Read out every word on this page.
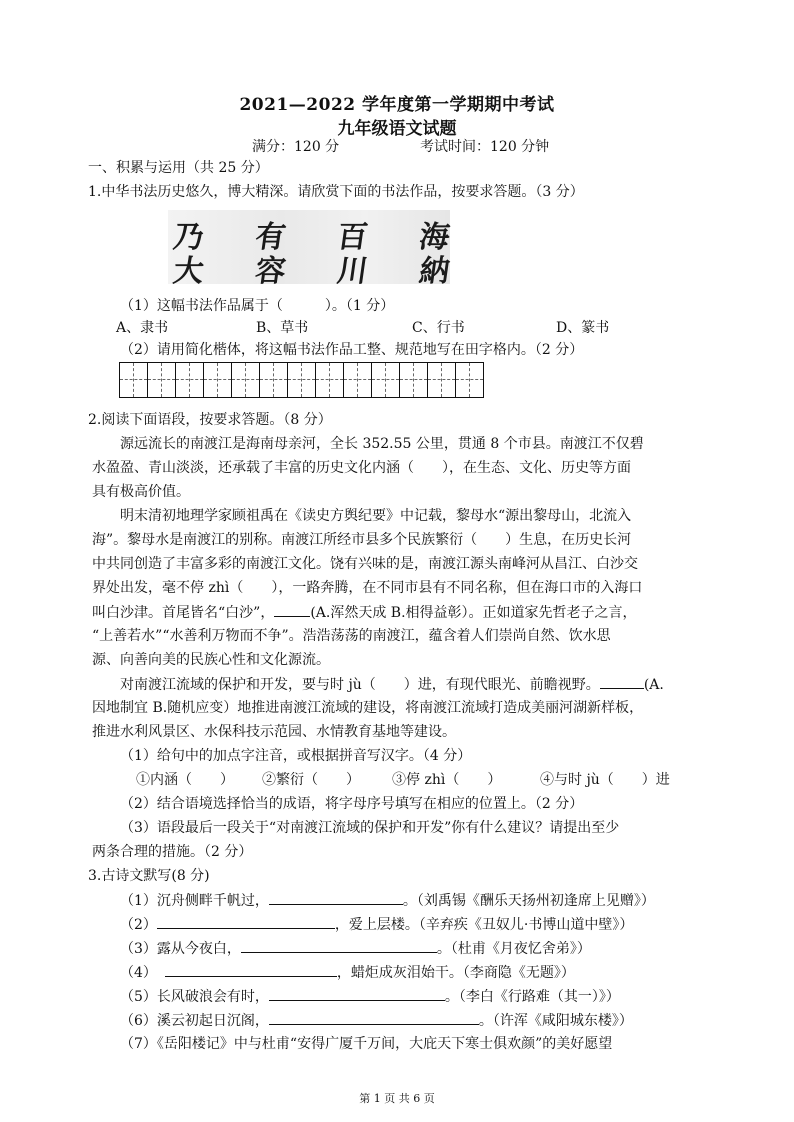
2021—2022 学年度第一学期期中考试
九年级语文试题
满分：120 分	考试时间：120 分钟
一、积累与运用（共 25 分）
1.中华书法历史悠久，博大精深。请欣赏下面的书法作品，按要求答题。（3 分）
乃 有 百 海
大 容 川 納
（1）这幅书法作品属于（　　　）。（1 分）
A、隶书	B、草书	C、行书	D、篆书
（2）请用简化楷体，将这幅书法作品工整、规范地写在田字格内。（2 分）
2.阅读下面语段，按要求答题。（8 分）
源远流长的南渡江是海南母亲河，全长 352.55 公里，贯通 8 个市县。南渡江不仅碧
水盈盈、青山淡淡，还承载了丰富的历史文化内涵（　　），在生态、文化、历史等方面
具有极高价值。
明末清初地理学家顾祖禹在《读史方舆纪要》中记载，黎母水“源出黎母山，北流入
海”。黎母水是南渡江的别称。南渡江所经市县多个民族繁衍（　　）生息，在历史长河
中共同创造了丰富多彩的南渡江文化。饶有兴味的是，南渡江源头南峰河从昌江、白沙交
界处出发，毫不停 zhì（　　），一路奔腾，在不同市县有不同名称，但在海口市的入海口
叫白沙津。首尾皆名“白沙”，	(A.浑然天成 B.相得益彰）。正如道家先哲老子之言，
“上善若水”“水善利万物而不争”。浩浩荡荡的南渡江，蕴含着人们崇尚自然、饮水思
源、向善向美的民族心性和文化源流。
对南渡江流域的保护和开发，要与时 jù（　　）进，有现代眼光、前瞻视野。	(A.
因地制宜 B.随机应变）地推进南渡江流域的建设，将南渡江流域打造成美丽河湖新样板，
推进水利风景区、水保科技示范园、水情教育基地等建设。
（1）给句中的加点字注音，或根据拼音写汉字。（4 分）
①内涵（　　） ②繁衍（　　） ③停 zhì（　　）	④与时 jù（　　）进
（2）结合语境选择恰当的成语，将字母序号填写在相应的位置上。（2 分）
（3）语段最后一段关于“对南渡江流域的保护和开发”你有什么建议？请提出至少
两条合理的措施。（2 分）
3.古诗文默写(8 分)
（1）沉舟侧畔千帆过，	。（刘禹锡《酬乐天扬州初逢席上见赠》）
（2）	，爱上层楼。（辛弃疾《丑奴儿·书博山道中壁》）
（3）露从今夜白，	。（杜甫《月夜忆舍弟》）
（4）	，蜡炬成灰泪始干。（李商隐《无题》）
（5）长风破浪会有时，	。（李白《行路难（其一）》）
（6）溪云初起日沉阁，	。（许浑《咸阳城东楼》）
（7）《岳阳楼记》中与杜甫“安得广厦千万间，大庇天下寒士俱欢颜”的美好愿望
第 1 页 共 6 页
